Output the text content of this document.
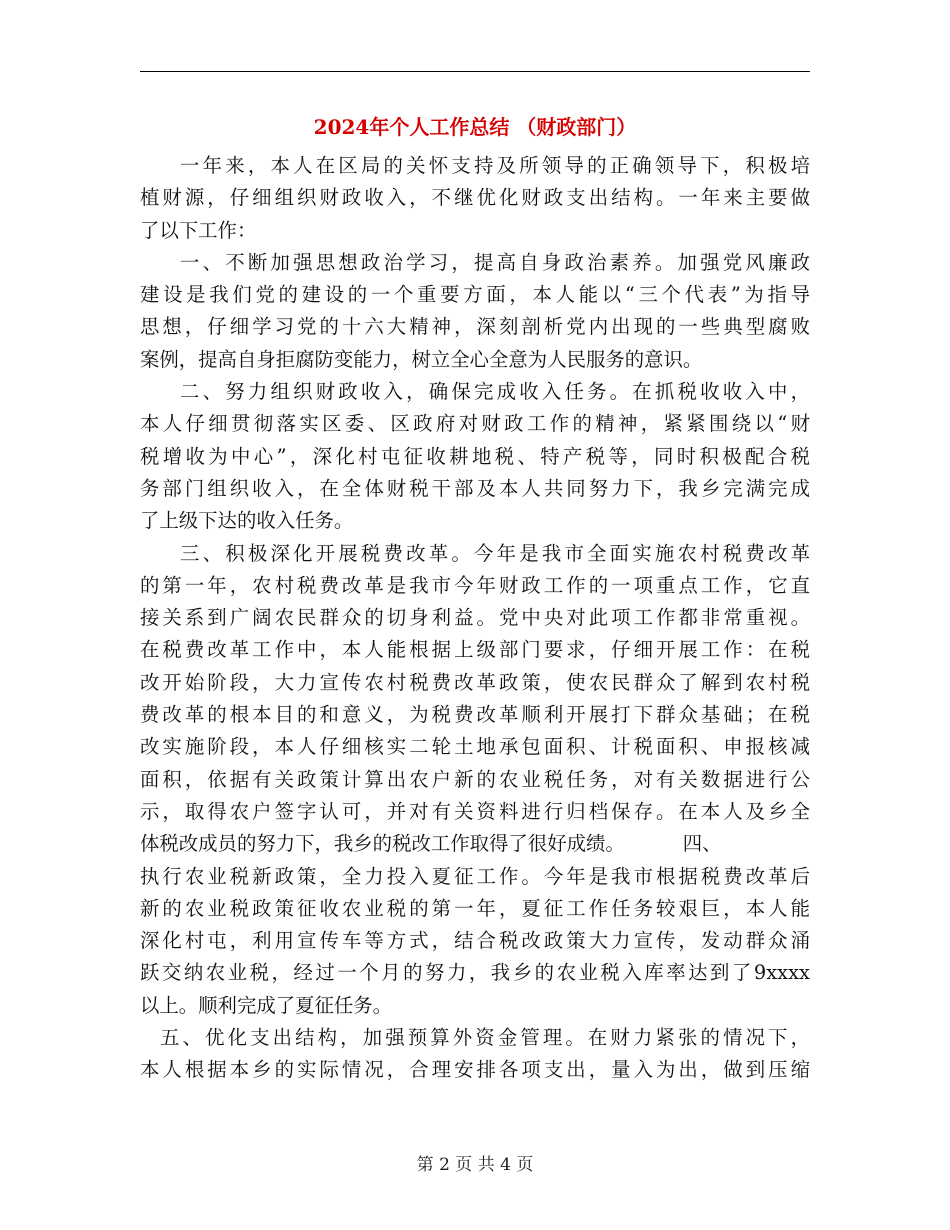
2024年个人工作总结 （财政部门）
一年来，本人在区局的关怀支持及所领导的正确领导下，积极培
植财源，仔细组织财政收入，不继优化财政支出结构。一年来主要做
了以下工作：
一、不断加强思想政治学习，提高自身政治素养。加强党风廉政
建设是我们党的建设的一个重要方面，本人能以“三个代表”为指导
思想，仔细学习党的十六大精神，深刻剖析党内出现的一些典型腐败
案例，提高自身拒腐防变能力，树立全心全意为人民服务的意识。
二、努力组织财政收入，确保完成收入任务。在抓税收收入中，
本人仔细贯彻落实区委、区政府对财政工作的精神，紧紧围绕以“财
税增收为中心”，深化村屯征收耕地税、特产税等，同时积极配合税
务部门组织收入，在全体财税干部及本人共同努力下，我乡完满完成
了上级下达的收入任务。
三、积极深化开展税费改革。今年是我市全面实施农村税费改革
的第一年，农村税费改革是我市今年财政工作的一项重点工作，它直
接关系到广阔农民群众的切身利益。党中央对此项工作都非常重视。
在税费改革工作中，本人能根据上级部门要求，仔细开展工作：在税
改开始阶段，大力宣传农村税费改革政策，使农民群众了解到农村税
费改革的根本目的和意义，为税费改革顺利开展打下群众基础；在税
改实施阶段，本人仔细核实二轮土地承包面积、计税面积、申报核减
面积，依据有关政策计算出农户新的农业税任务，对有关数据进行公
示，取得农户签字认可，并对有关资料进行归档保存。在本人及乡全
体税改成员的努力下，我乡的税改工作取得了很好成绩。	四、
执行农业税新政策，全力投入夏征工作。今年是我市根据税费改革后
新的农业税政策征收农业税的第一年，夏征工作任务较艰巨，本人能
深化村屯，利用宣传车等方式，结合税改政策大力宣传，发动群众涌
跃交纳农业税，经过一个月的努力，我乡的农业税入库率达到了9xxxx
以上。顺利完成了夏征任务。
五、优化支出结构，加强预算外资金管理。在财力紧张的情况下，
本人根据本乡的实际情况，合理安排各项支出，量入为出，做到压缩
第 2 页 共 4 页
